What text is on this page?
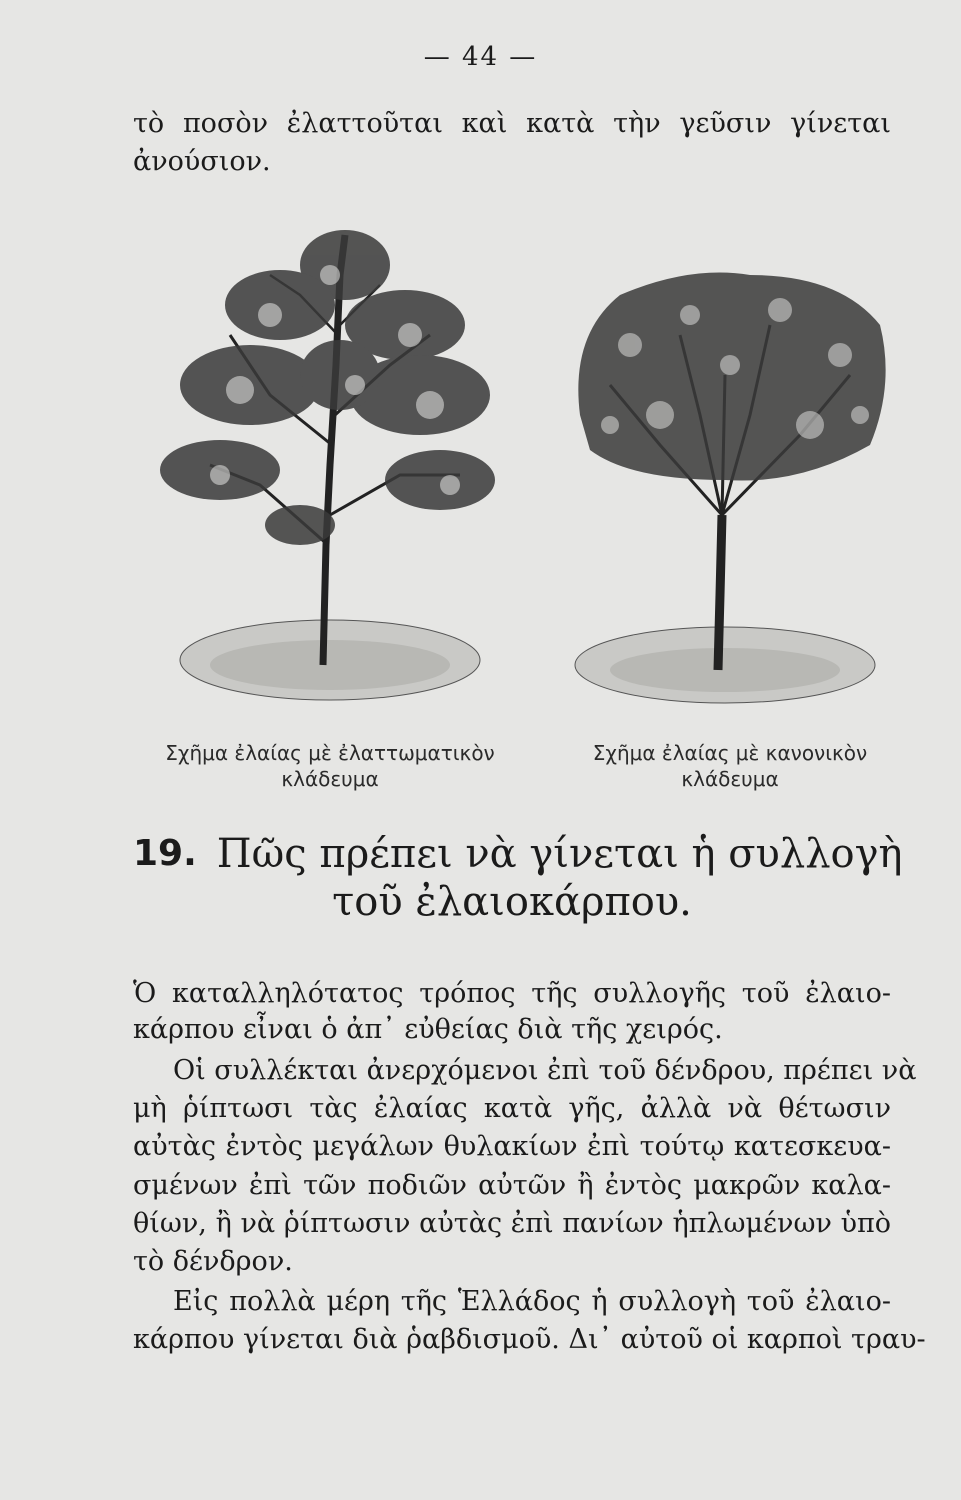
— 44 —
τὸ ποσὸν ἐλαττοῦται καὶ κατὰ τὴν γεῦσιν γίνεται
ἀνούσιον.
Σχῆμα ἐλαίας μὲ ἐλαττωματικὸν
κλάδευμα
Σχῆμα ἐλαίας μὲ κανονικὸν
κλάδευμα
19. Πῶς πρέπει νὰ γίνεται ἡ συλλογὴ
τοῦ ἐλαιοκάρπου.
Ὁ καταλληλότατος τρόπος τῆς συλλογῆς τοῦ ἐλαιο-
κάρπου εἶναι ὁ ἀπ᾽ εὐθείας διὰ τῆς χειρός.
Οἱ συλλέκται ἀνερχόμενοι ἐπὶ τοῦ δένδρου, πρέπει νὰ
μὴ ῥίπτωσι τὰς ἐλαίας κατὰ γῆς, ἀλλὰ νὰ θέτωσιν
αὐτὰς ἐντὸς μεγάλων θυλακίων ἐπὶ τούτῳ κατεσκευα-
σμένων ἐπὶ τῶν ποδιῶν αὐτῶν ἢ ἐντὸς μακρῶν καλα-
θίων, ἢ νὰ ῥίπτωσιν αὐτὰς ἐπὶ πανίων ἡπλωμένων ὑπὸ
τὸ δένδρον.
Εἰς πολλὰ μέρη τῆς Ἑλλάδος ἡ συλλογὴ τοῦ ἐλαιο-
κάρπου γίνεται διὰ ῥαβδισμοῦ. Δι᾽ αὐτοῦ οἱ καρποὶ τραυ-
